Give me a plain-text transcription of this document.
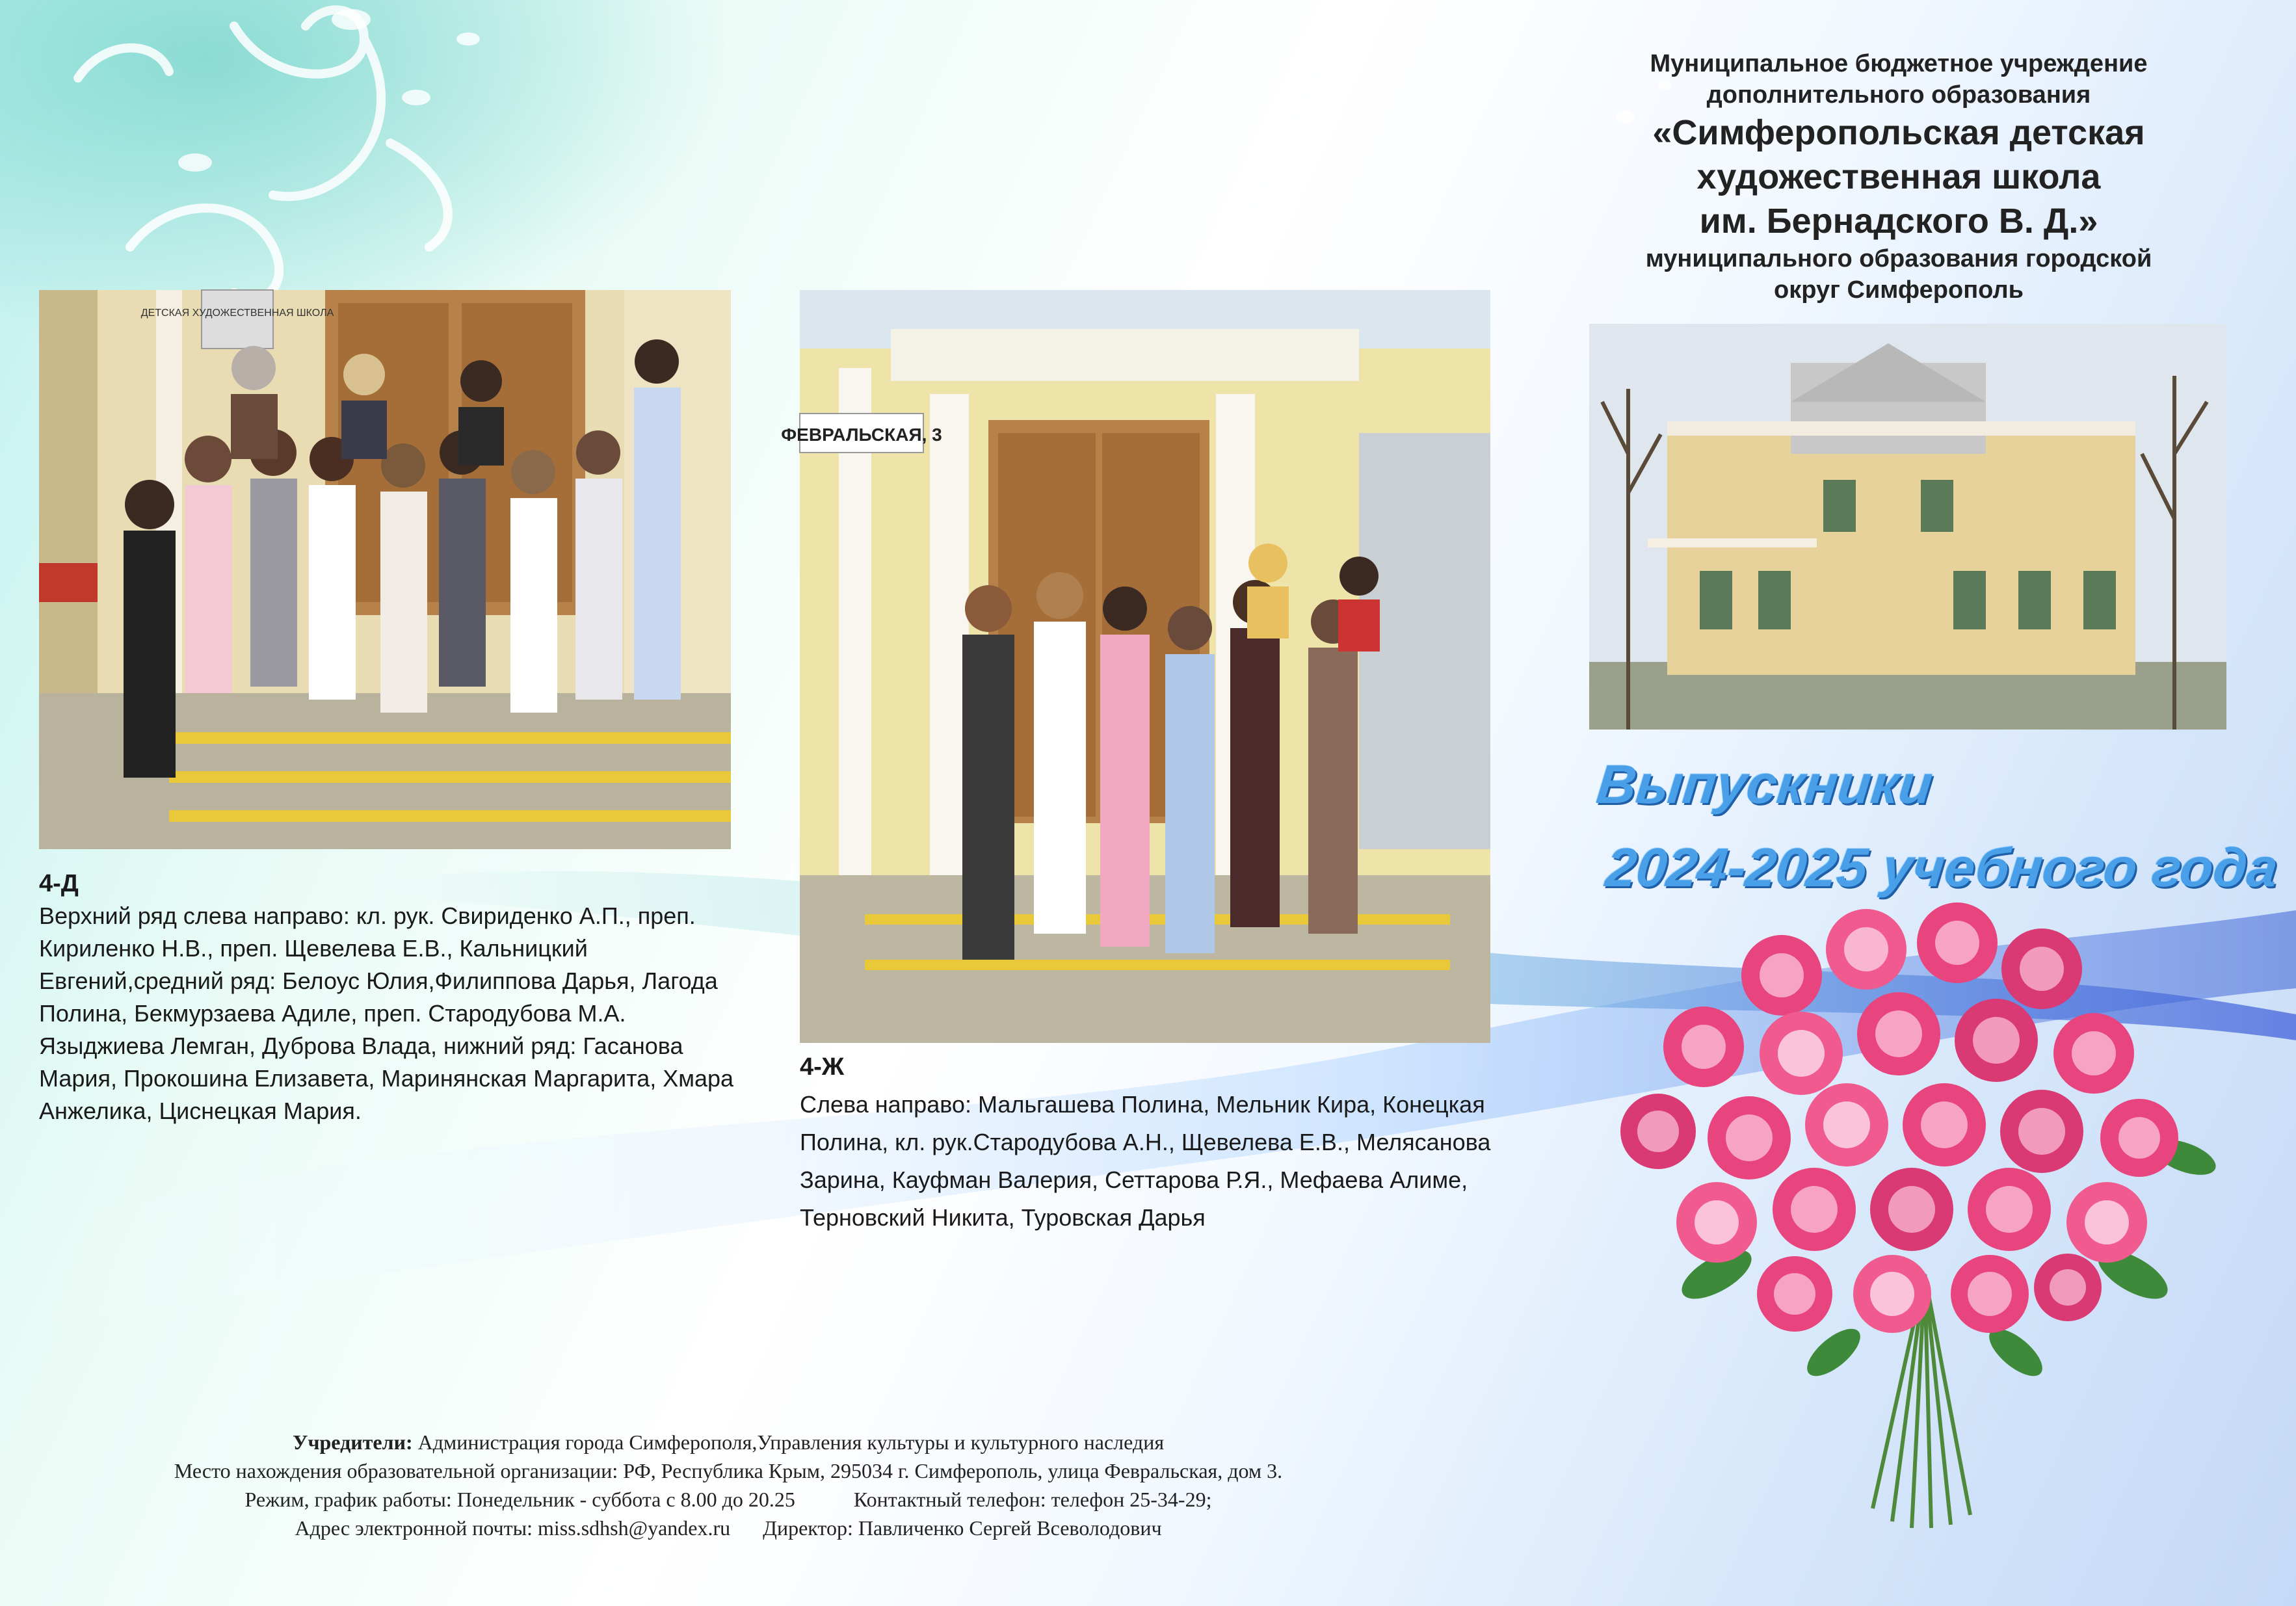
Муниципальное бюджетное учреждение
дополнительного образования
«Симферопольская детская
художественная школа
им. Бернадского В. Д.»
муниципального образования городской
округ Симферополь
ДЕТСКАЯ ХУДОЖЕСТВЕННАЯ ШКОЛА
4-Д
Верхний ряд слева направо: кл. рук. Свириденко А.П., преп. Кириленко Н.В., преп. Щевелева Е.В., Кальницкий Евгений,средний ряд: Белоус Юлия,Филиппова Дарья, Лагода Полина, Бекмурзаева Адиле, преп. Стародубова М.А. Языджиева Лемган, Дуброва Влада, нижний ряд: Гасанова Мария, Прокошина Елизавета, Маринянская Маргарита, Хмара Анжелика, Циснецкая Мария.
ФЕВРАЛЬСКАЯ, 3
4-Ж
Слева направо: Мальгашева Полина, Мельник Кира, Конецкая Полина, кл. рук.Стародубова А.Н., Щевелева Е.В., Мелясанова Зарина, Кауфман Валерия, Сеттарова Р.Я., Мефаева Алиме, Терновский Никита, Туровская Дарья
Выпускники
2024-2025 учебного года
Учредители: Администрация города Симферополя,Управления культуры и культурного наследия
Место нахождения образовательной организации: РФ, Республика Крым, 295034 г. Симферополь, улица Февральская, дом 3.
Режим, график работы: Понедельник - суббота с 8.00 до 20.25	Контактный телефон: телефон 25-34-29;
Адрес электронной почты: miss.sdhsh@yandex.ru Директор: Павличенко Сергей Всеволодович
